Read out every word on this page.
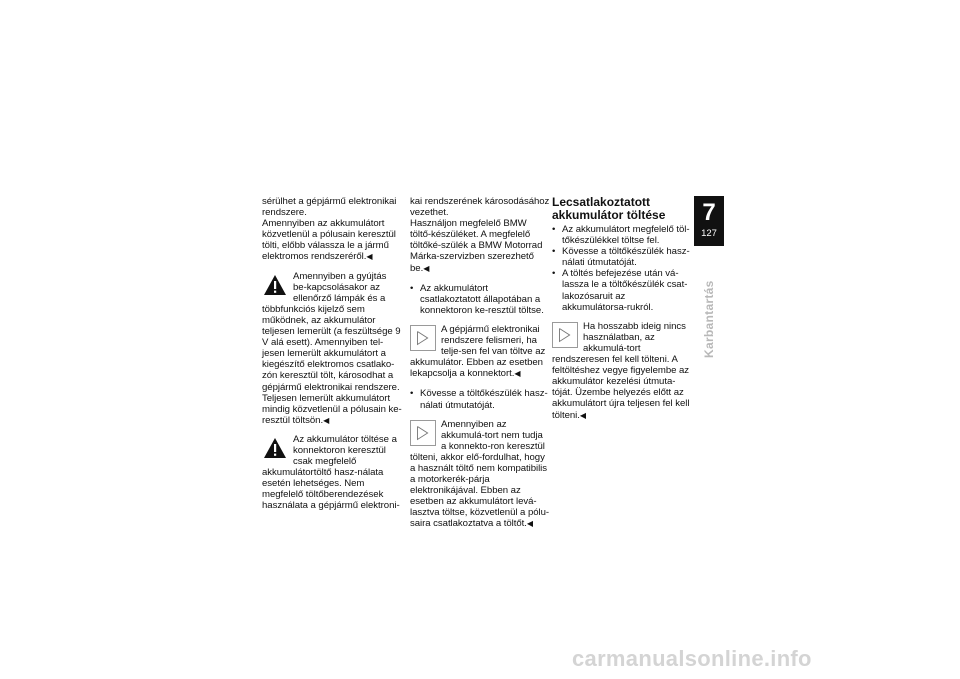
sérülhet a gépjármű elektronikai rendszere.

Amennyiben az akkumulátort közvetlenül a pólusain keresztül tölti, előbb válassza le a jármű elektromos rendszeréről.◀

Amennyiben a gyújtás be-kapcsolásakor az ellenőrző lámpák és a többfunkciós kijelző sem működnek, az akkumulátor teljesen lemerült (a feszültsége 9 V alá esett). Amennyiben tel-jesen lemerült akkumulátort a kiegészítő elektromos csatlako-zón keresztül tölt, károsodhat a gépjármű elektronikai rendszere. Teljesen lemerült akkumulátort mindig közvetlenül a pólusain ke-resztül töltsön.◀
Az akkumulátor töltése a konnektoron keresztül csak megfelelő akkumulátortöltő hasz-nálata esetén lehetséges. Nem megfelelő töltőberendezések használata a gépjármű elektroni-

kai rendszerének károsodásához vezethet.

Használjon megfelelő BMW töltő-készüléket. A megfelelő töltőké-szülék a BMW Motorrad Márka-szervizben szerezhető be.◀

• Az akkumulátort csatlakoztatott állapotában a konnektoron ke-resztül töltse.

A gépjármű elektronikai rendszere felismeri, ha telje-sen fel van töltve az akkumulátor. Ebben az esetben lekapcsolja a konnektort.◀

• Kövesse a töltőkészülék hasz-nálati útmutatóját.

Amennyiben az akkumulá-tort nem tudja a konnekto-ron keresztül tölteni, akkor elő-fordulhat, hogy a használt töltő nem kompatibilis a motorkerék-párja elektronikájával. Ebben az esetben az akkumulátort levá-lasztva töltse, közvetlenül a pólu-saira csatlakoztatva a töltőt.◀
Lecsatlakoztatott akkumulátor töltése

• Az akkumulátort megfelelő töl-tőkészülékkel töltse fel.

• Kövesse a töltőkészülék hasz-nálati útmutatóját.

• A töltés befejezése után vá-lassza le a töltőkészülék csat-lakozósaruit az akkumulátorsa-rukról.

Ha hosszabb ideig nincs használatban, az akkumulá-tort rendszeresen fel kell tölteni. A feltöltéshez vegye figyelembe az akkumulátor kezelési útmuta-tóját. Üzembe helyezés előtt az akkumulátort újra teljesen fel kell tölteni.◀
7
127
Karbantartás
carmanualsonline.info
